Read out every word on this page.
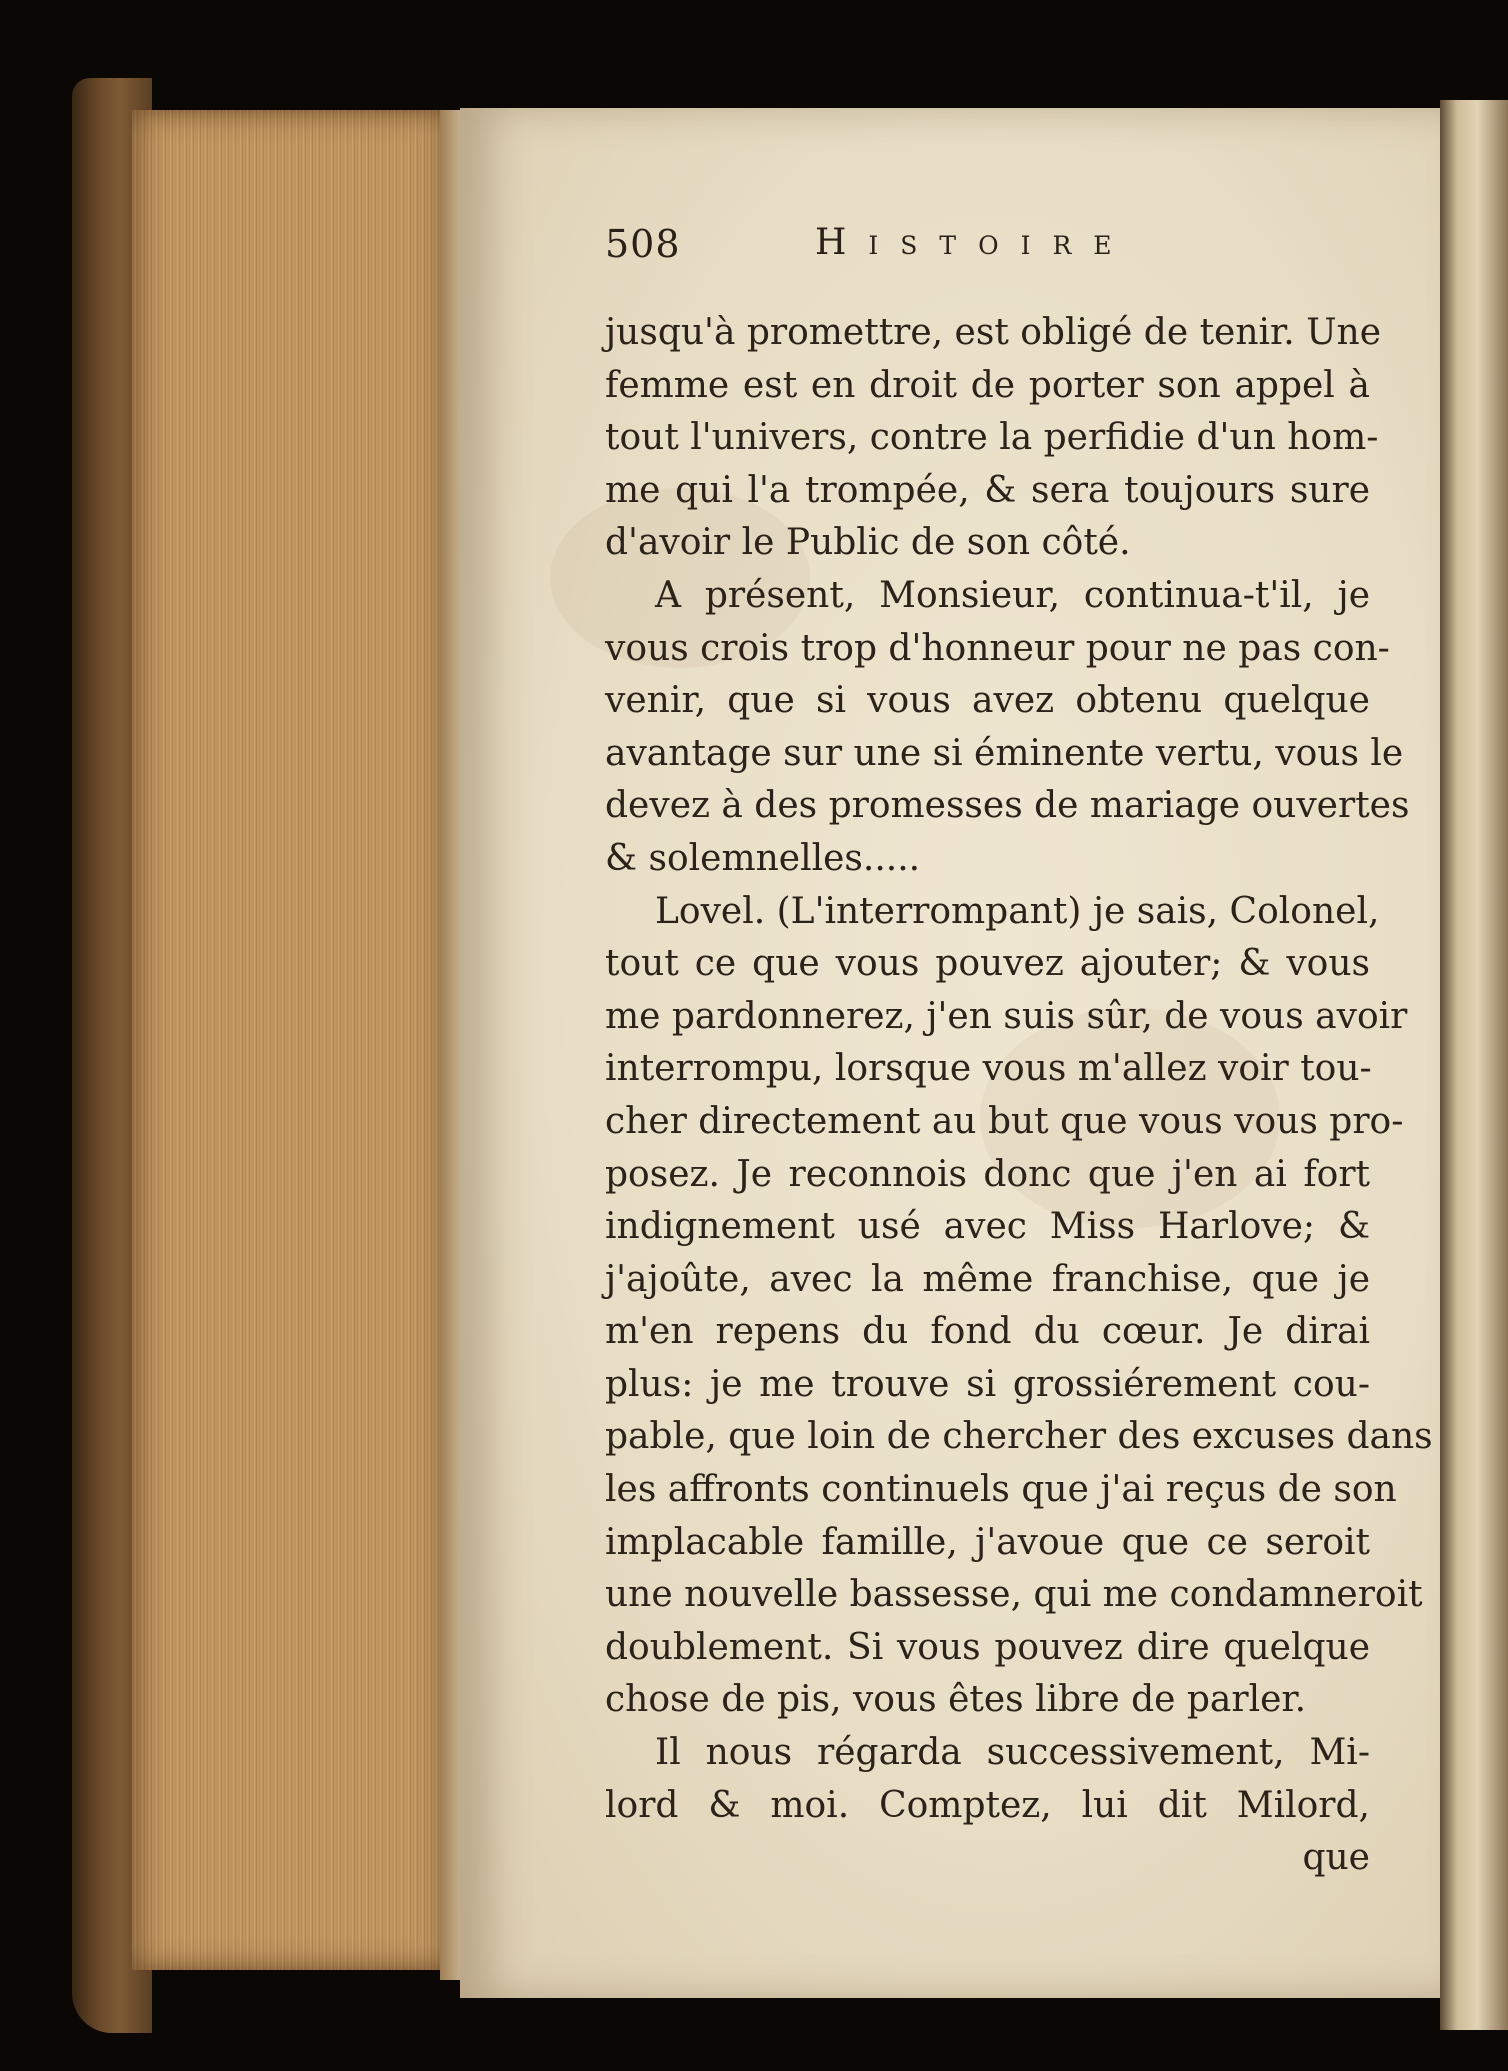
508	Histoire
jusqu'à promettre, est obligé de tenir. Une
femme est en droit de porter son appel à
tout l'univers, contre la perfidie d'un hom-
me qui l'a trompée, & sera toujours sure
d'avoir le Public de son côté.
A présent, Monsieur, continua-t'il, je
vous crois trop d'honneur pour ne pas con-
venir, que si vous avez obtenu quelque
avantage sur une si éminente vertu, vous le
devez à des promesses de mariage ouvertes
& solemnelles.....
Lovel. (L'interrompant) je sais, Colonel,
tout ce que vous pouvez ajouter; & vous
me pardonnerez, j'en suis sûr, de vous avoir
interrompu, lorsque vous m'allez voir tou-
cher directement au but que vous vous pro-
posez. Je reconnois donc que j'en ai fort
indignement usé avec Miss Harlove; &
j'ajoûte, avec la même franchise, que je
m'en repens du fond du cœur. Je dirai
plus: je me trouve si grossiérement cou-
pable, que loin de chercher des excuses dans
les affronts continuels que j'ai reçus de son
implacable famille, j'avoue que ce seroit
une nouvelle bassesse, qui me condamneroit
doublement. Si vous pouvez dire quelque
chose de pis, vous êtes libre de parler.
Il nous régarda successivement, Mi-
lord & moi. Comptez, lui dit Milord,
que
